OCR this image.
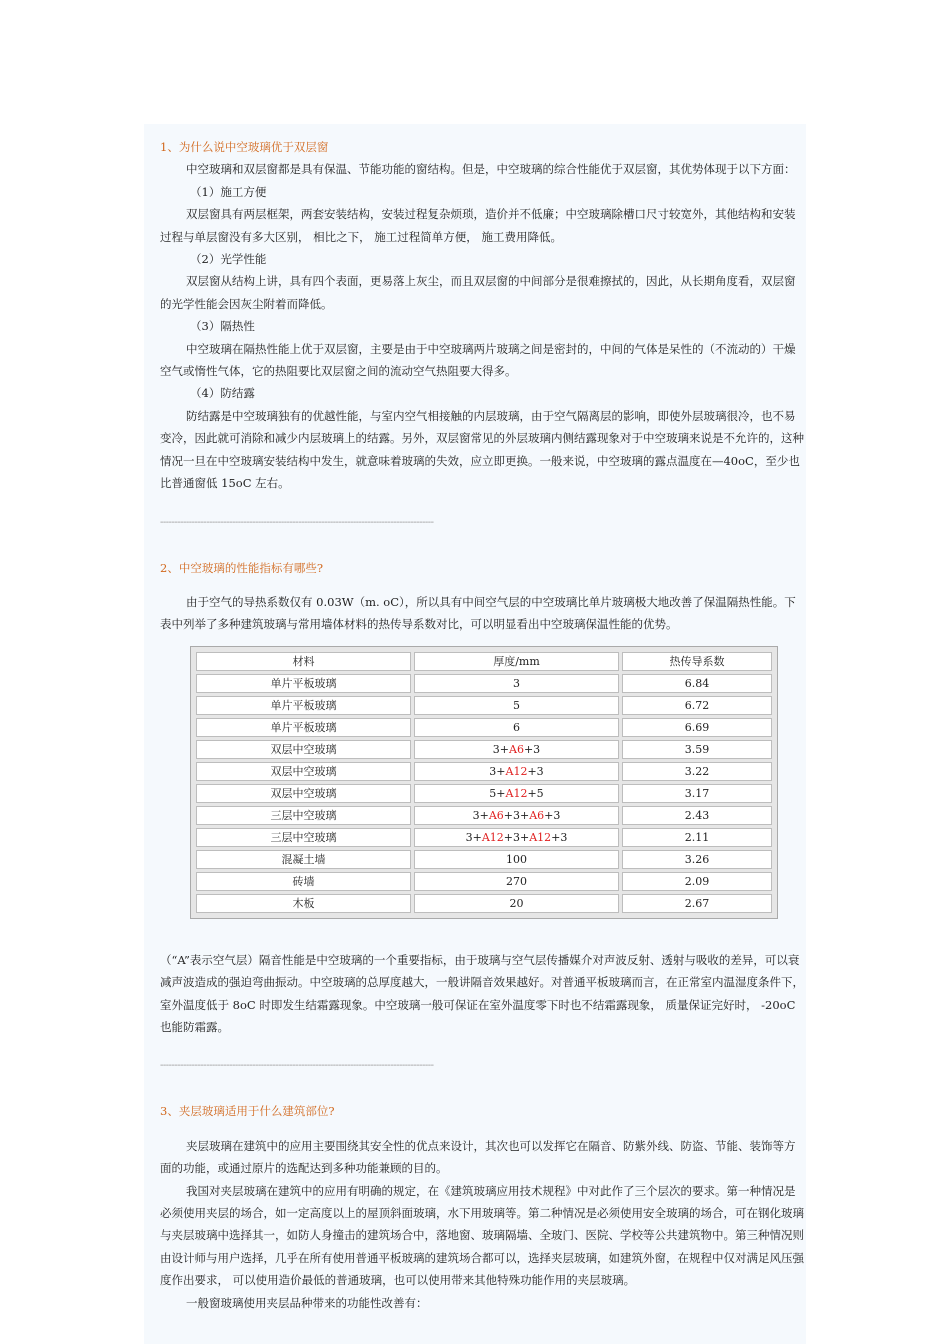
1、为什么说中空玻璃优于双层窗

中空玻璃和双层窗都是具有保温、节能功能的窗结构。但是，中空玻璃的综合性能优于双层窗，其优势体现于以下方面：

（1）施工方便

双层窗具有两层框架，两套安装结构，安装过程复杂烦琐，造价并不低廉；中空玻璃除槽口尺寸较宽外，其他结构和安装过程与单层窗没有多大区别， 相比之下， 施工过程简单方便， 施工费用降低。

（2）光学性能

双层窗从结构上讲，具有四个表面，更易落上灰尘，而且双层窗的中间部分是很难擦拭的，因此，从长期角度看，双层窗的光学性能会因灰尘附着而降低。

（3）隔热性

中空玻璃在隔热性能上优于双层窗，主要是由于中空玻璃两片玻璃之间是密封的，中间的气体是呆性的（不流动的）干燥空气或惰性气体，它的热阻要比双层窗之间的流动空气热阻要大得多。

（4）防结露

防结露是中空玻璃独有的优越性能，与室内空气相接触的内层玻璃，由于空气隔离层的影响，即使外层玻璃很冷，也不易变冷，因此就可消除和减少内层玻璃上的结露。另外，双层窗常见的外层玻璃内侧结露现象对于中空玻璃来说是不允许的，这种情况一旦在中空玻璃安装结构中发生，就意味着玻璃的失效，应立即更换。一般来说，中空玻璃的露点温度在—40oC，至少也比普通窗低 15oC 左右。

-----------------------------------------------------------------------------------------------

2、中空玻璃的性能指标有哪些?

由于空气的导热系数仅有 0.03W（m. oC），所以具有中间空气层的中空玻璃比单片玻璃极大地改善了保温隔热性能。下表中列举了多种建筑玻璃与常用墙体材料的热传导系数对比，可以明显看出中空玻璃保温性能的优势。

材料	厚度/mm	热传导系数
单片平板玻璃	3	6.84
单片平板玻璃	5	6.72
单片平板玻璃	6	6.69
双层中空玻璃	3+A6+3	3.59
双层中空玻璃	3+A12+3	3.22
双层中空玻璃	5+A12+5	3.17
三层中空玻璃	3+A6+3+A6+3	2.43
三层中空玻璃	3+A12+3+A12+3	2.11
混凝土墙	100	3.26
砖墙	270	2.09
木板	20	2.67

（“A”表示空气层）隔音性能是中空玻璃的一个重要指标，由于玻璃与空气层传播媒介对声波反射、透射与吸收的差异，可以衰减声波造成的强迫弯曲振动。中空玻璃的总厚度越大，一般讲隔音效果越好。对普通平板玻璃而言，在正常室内温湿度条件下， 室外温度低于 8oC 时即发生结霜露现象。中空玻璃一般可保证在室外温度零下时也不结霜露现象， 质量保证完好时， -20oC 也能防霜露。

-----------------------------------------------------------------------------------------------

3、夹层玻璃适用于什么建筑部位?

夹层玻璃在建筑中的应用主要围绕其安全性的优点来设计，其次也可以发挥它在隔音、防紫外线、防盗、节能、装饰等方面的功能，或通过原片的选配达到多种功能兼顾的目的。

我国对夹层玻璃在建筑中的应用有明确的规定，在《建筑玻璃应用技术规程》中对此作了三个层次的要求。第一种情况是必须使用夹层的场合，如一定高度以上的屋顶斜面玻璃，水下用玻璃等。第二种情况是必须使用安全玻璃的场合，可在钢化玻璃与夹层玻璃中选择其一，如防人身撞击的建筑场合中，落地窗、玻璃隔墙、全玻门、医院、学校等公共建筑物中。第三种情况则由设计师与用户选择，几乎在所有使用普通平板玻璃的建筑场合都可以，选择夹层玻璃，如建筑外窗，在规程中仅对满足风压强度作出要求， 可以使用造价最低的普通玻璃，也可以使用带来其他特殊功能作用的夹层玻璃。

一般窗玻璃使用夹层品种带来的功能性改善有：
